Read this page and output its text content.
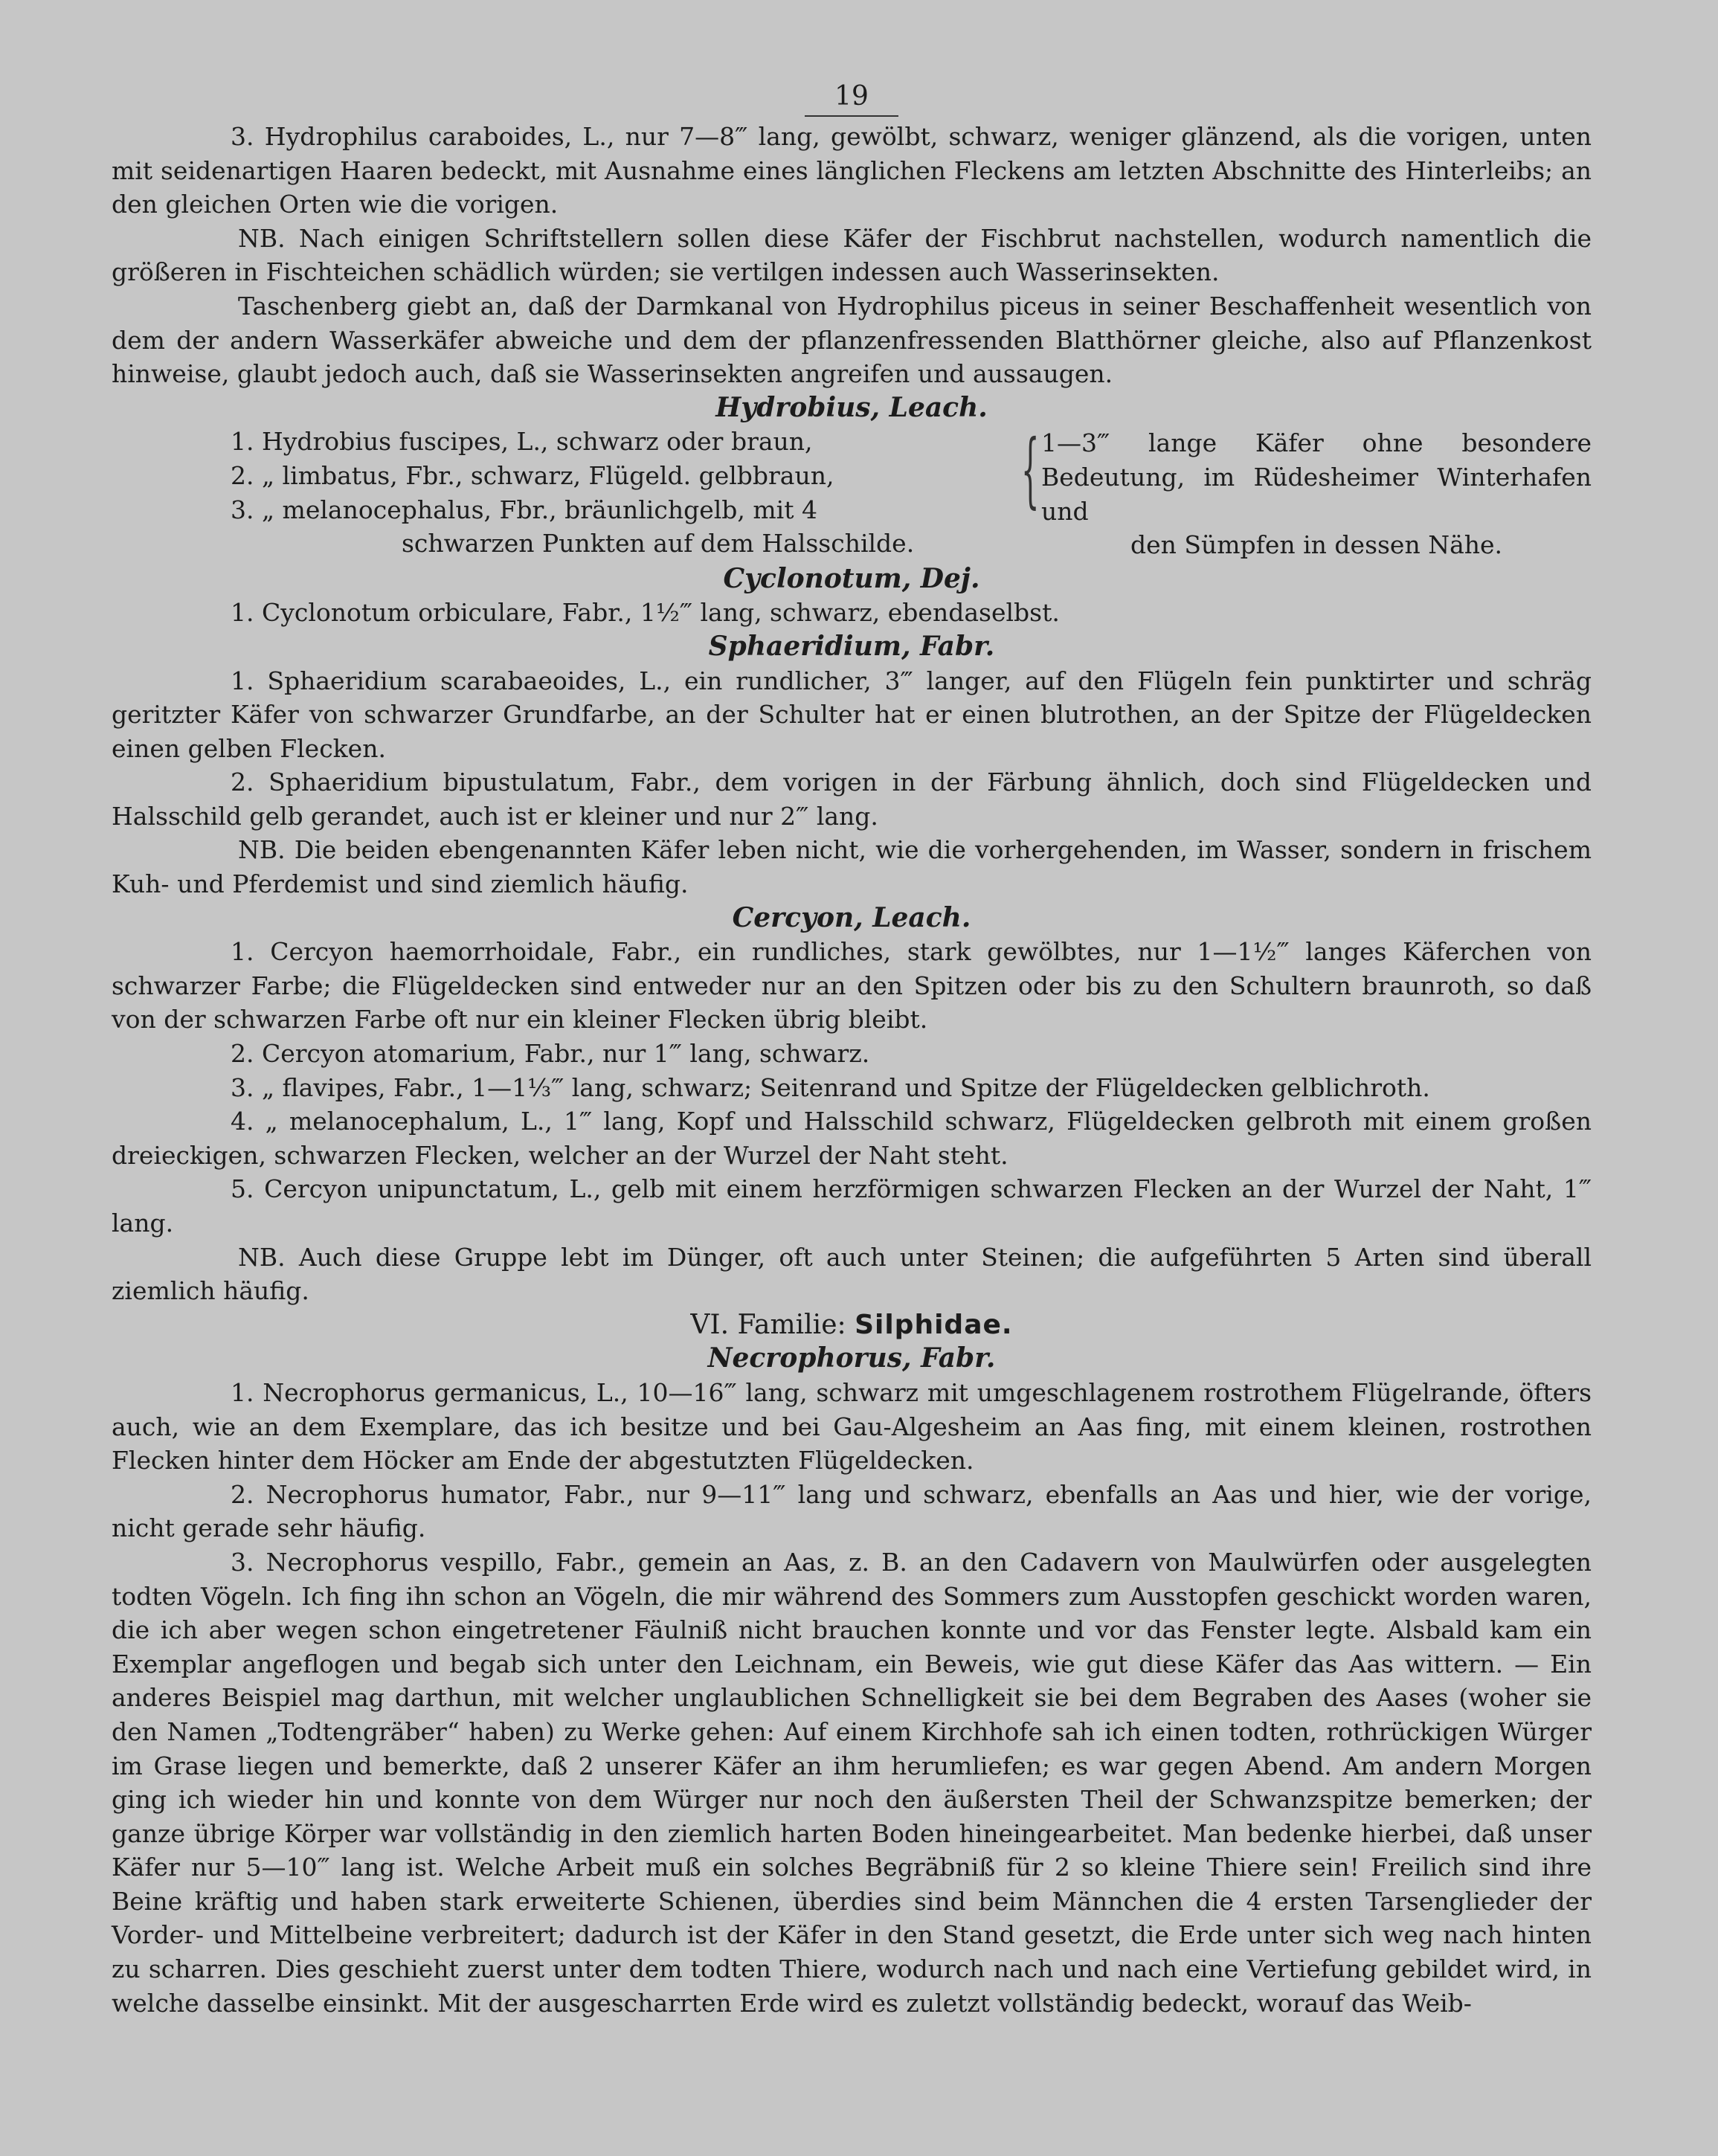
19

3. Hydrophilus caraboides, L., nur 7—8‴ lang, gewölbt, schwarz, weniger glänzend, als die vorigen, unten mit seidenartigen Haaren bedeckt, mit Ausnahme eines länglichen Fleckens am letzten Abschnitte des Hinterleibs; an den gleichen Orten wie die vorigen.

NB. Nach einigen Schriftstellern sollen diese Käfer der Fischbrut nachstellen, wodurch namentlich die größeren in Fischteichen schädlich würden; sie vertilgen indessen auch Wasserinsekten.

Taschenberg giebt an, daß der Darmkanal von Hydrophilus piceus in seiner Beschaffenheit wesentlich von dem der andern Wasserkäfer abweiche und dem der pflanzenfressenden Blatthörner gleiche, also auf Pflanzenkost hinweise, glaubt jedoch auch, daß sie Wasserinsekten angreifen und aussaugen.

Hydrobius, Leach.
1. Hydrobius fuscipes, L., schwarz oder braun,
2. „ limbatus, Fbr., schwarz, Flügeld. gelbbraun,
3. „ melanocephalus, Fbr., bräunlichgelb, mit 4
schwarzen Punkten auf dem Halsschilde.
{ 1—3‴ lange Käfer ohne besondere Bedeutung, im Rüdesheimer Winterhafen und
den Sümpfen in dessen Nähe.
Cyclonotum, Dej.

1. Cyclonotum orbiculare, Fabr., 1½‴ lang, schwarz, ebendaselbst.

Sphaeridium, Fabr.

1. Sphaeridium scarabaeoides, L., ein rundlicher, 3‴ langer, auf den Flügeln fein punktirter und schräg geritzter Käfer von schwarzer Grundfarbe, an der Schulter hat er einen blutrothen, an der Spitze der Flügeldecken einen gelben Flecken.

2. Sphaeridium bipustulatum, Fabr., dem vorigen in der Färbung ähnlich, doch sind Flügeldecken und Halsschild gelb gerandet, auch ist er kleiner und nur 2‴ lang.

NB. Die beiden ebengenannten Käfer leben nicht, wie die vorhergehenden, im Wasser, sondern in frischem Kuh- und Pferdemist und sind ziemlich häufig.

Cercyon, Leach.

1. Cercyon haemorrhoidale, Fabr., ein rundliches, stark gewölbtes, nur 1—1½‴ langes Käferchen von schwarzer Farbe; die Flügeldecken sind entweder nur an den Spitzen oder bis zu den Schultern braunroth, so daß von der schwarzen Farbe oft nur ein kleiner Flecken übrig bleibt.

2. Cercyon atomarium, Fabr., nur 1‴ lang, schwarz.

3. „ flavipes, Fabr., 1—1⅓‴ lang, schwarz; Seitenrand und Spitze der Flügeldecken gelblichroth.

4. „ melanocephalum, L., 1‴ lang, Kopf und Halsschild schwarz, Flügeldecken gelbroth mit einem großen dreieckigen, schwarzen Flecken, welcher an der Wurzel der Naht steht.

5. Cercyon unipunctatum, L., gelb mit einem herzförmigen schwarzen Flecken an der Wurzel der Naht, 1‴ lang.

NB. Auch diese Gruppe lebt im Dünger, oft auch unter Steinen; die aufgeführten 5 Arten sind überall ziemlich häufig.

VI. Familie: Silphidae.
Necrophorus, Fabr.

1. Necrophorus germanicus, L., 10—16‴ lang, schwarz mit umgeschlagenem rostrothem Flügelrande, öfters auch, wie an dem Exemplare, das ich besitze und bei Gau-Algesheim an Aas fing, mit einem kleinen, rostrothen Flecken hinter dem Höcker am Ende der abgestutzten Flügeldecken.

2. Necrophorus humator, Fabr., nur 9—11‴ lang und schwarz, ebenfalls an Aas und hier, wie der vorige, nicht gerade sehr häufig.

3. Necrophorus vespillo, Fabr., gemein an Aas, z. B. an den Cadavern von Maulwürfen oder ausgelegten todten Vögeln. Ich fing ihn schon an Vögeln, die mir während des Sommers zum Ausstopfen geschickt worden waren, die ich aber wegen schon eingetretener Fäulniß nicht brauchen konnte und vor das Fenster legte. Alsbald kam ein Exemplar angeflogen und begab sich unter den Leichnam, ein Beweis, wie gut diese Käfer das Aas wittern. — Ein anderes Beispiel mag darthun, mit welcher unglaublichen Schnelligkeit sie bei dem Begraben des Aases (woher sie den Namen „Todtengräber“ haben) zu Werke gehen: Auf einem Kirchhofe sah ich einen todten, rothrückigen Würger im Grase liegen und bemerkte, daß 2 unserer Käfer an ihm herumliefen; es war gegen Abend. Am andern Morgen ging ich wieder hin und konnte von dem Würger nur noch den äußersten Theil der Schwanzspitze bemerken; der ganze übrige Körper war vollständig in den ziemlich harten Boden hineingearbeitet. Man bedenke hierbei, daß unser Käfer nur 5—10‴ lang ist. Welche Arbeit muß ein solches Begräbniß für 2 so kleine Thiere sein! Freilich sind ihre Beine kräftig und haben stark erweiterte Schienen, überdies sind beim Männchen die 4 ersten Tarsenglieder der Vorder- und Mittelbeine verbreitert; dadurch ist der Käfer in den Stand gesetzt, die Erde unter sich weg nach hinten zu scharren. Dies geschieht zuerst unter dem todten Thiere, wodurch nach und nach eine Vertiefung gebildet wird, in welche dasselbe einsinkt. Mit der ausgescharrten Erde wird es zuletzt vollständig bedeckt, worauf das Weib-
